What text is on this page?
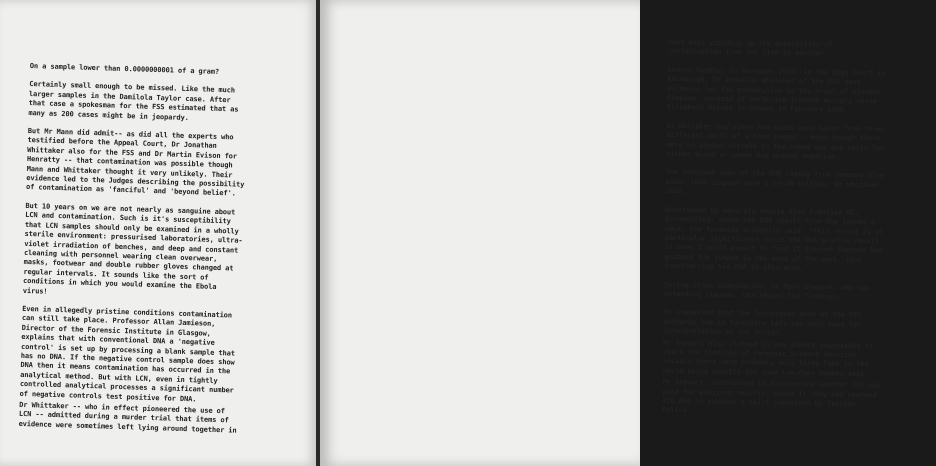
On a sample lower than 0.0000000001 of a gram?

Certainly small enough to be missed. Like the much
larger samples in the Damilola Taylor case. After
that case a spokesman for the FSS estimated that as
many as 200 cases might be in jeopardy.

But Mr Mann did admit-- as did all the experts who
testified before the Appeal Court, Dr Jonathan
Whittaker also for the FSS and Dr Martin Evison for
Henratty -- that contamination was possible though
Mann and Whittaker thought it very unlikely. Their
evidence led to the Judges describing the possibility
of contamination as 'fanciful' and 'beyond belief'.

But 10 years on we are not nearly as sanguine about
LCN and contamination. Such is it's susceptibility
that LCN samples should only be examined in a wholly
sterile environment: pressurised laboratories, ultra-
violet irradiation of benches, and deep and constant
cleaning with personnel wearing clean overwear,
masks, footwear and double rubber gloves changed at
regular intervals. It sounds like the sort of
conditions in which you would examine the Ebola
virus!

Even in allegedly pristine conditions contamination
can still take place. Professor Allan Jamieson,
Director of the Forensic Institute in Glasgow,
explains that with conventional DNA a 'negative
control' is set up by processing a blank sample that
has no DNA. If the negative control sample does show
DNA then it means contamination has occurred in the
analytical method. But with LCN, even in tightly
controlled analytical processes a significant number
of negative controls test positive for DNA.

Dr Whittaker -- who in effect pioneered the use of
LCN -- admitted during a murder trial that items of
evidence were sometimes left lying around together in

open bags yielding up the possibility of
contamination from one item to another.

Andrew Nuddle: In November 2007, in the High Court in
Edinburgh, Dr Jonathan Whitaker of the FSS gave
evidence for the prosecution in the trial of Vincent
Simpson, accused of murdering trainee nursery nurse
Elisabeth McCabe in Dundee in February 1980.

Dr Whitaker explained how swabs were taken from three
different parts of a blue jumper — even though there
were no stains visible to the naked eye and tests for
either blood or semen had proved negative.

The combined odds of the DNA coming from someone else
other than Simpson were 1 in 40 million, Dr Whitaker
said.

Questioned by advocate depute Alex Prentice QC,
prosecuting, about the DNA result from the jumper's
neck, the forensic scientist said: "This result is of
particular significance since the DNA profile result
is what I would expect to find if Vincent Simpson had
grabbed the jumper in the area of the neck, thus
transferring his DNA to this area."

During cross examination, QC Mark Stewart, who was
defending Simpson, challenged the findings.

He suggested that the techniques used at the FSS
Wetherby lab in Yorkshire left too much room for
interpretation by the tester.

Mr Stewart also claimed it was almost impossible to
check the findings of Forensic Science Services
because there were probably only three labs in the
world using exactly the same Low Copy Number test.

Mr Stewart, interested in discovering whether FSS was
paid for positive results, asked if they had charged
£70,000 to examine a skirt submitted by Tayside
Police.
